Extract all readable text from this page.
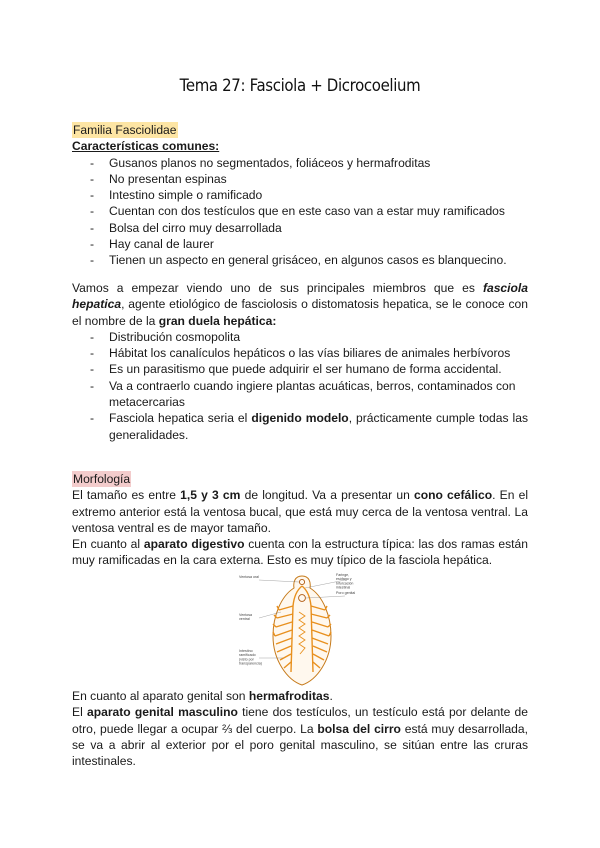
Tema 27: Fasciola + Dicrocoelium
Familia Fasciolidae
Características comunes:
- Gusanos planos no segmentados, foliáceos y hermafroditas
- No presentan espinas
- Intestino simple o ramificado
- Cuentan con dos testículos que en este caso van a estar muy ramificados
- Bolsa del cirro muy desarrollada
- Hay canal de laurer
- Tienen un aspecto en general grisáceo, en algunos casos es blanquecino.

Vamos a empezar viendo uno de sus principales miembros que es fasciola hepatica, agente etiológico de fasciolosis o distomatosis hepatica, se le conoce con el nombre de la gran duela hepática:

- Distribución cosmopolita
- Hábitat los canalículos hepáticos o las vías biliares de animales herbívoros
- Es un parasitismo que puede adquirir el ser humano de forma accidental.
- Va a contraerlo cuando ingiere plantas acuáticas, berros, contaminados con metacercarias
- Fasciola hepatica seria el digenido modelo, prácticamente cumple todas las generalidades.
Morfología

El tamaño es entre 1,5 y 3 cm de longitud. Va a presentar un cono cefálico. En el extremo anterior está la ventosa bucal, que está muy cerca de la ventosa ventral. La ventosa ventral es de mayor tamaño.

En cuanto al aparato digestivo cuenta con la estructura típica: las dos ramas están muy ramificadas en la cara externa. Esto es muy típico de la fasciola hepática.

En cuanto al aparato genital son hermafroditas.

El aparato genital masculino tiene dos testículos, un testículo está por delante de otro, puede llegar a ocupar ⅔ del cuerpo. La bolsa del cirro está muy desarrollada, se va a abrir al exterior por el poro genital masculino, se sitúan entre las cruras intestinales.

Ventosa oral
Ventosa
ventral
Intestino
ramificado
(visto por
transparencia)
Faringe,
esófago y
bifurcación
intestinal
Poro genital
